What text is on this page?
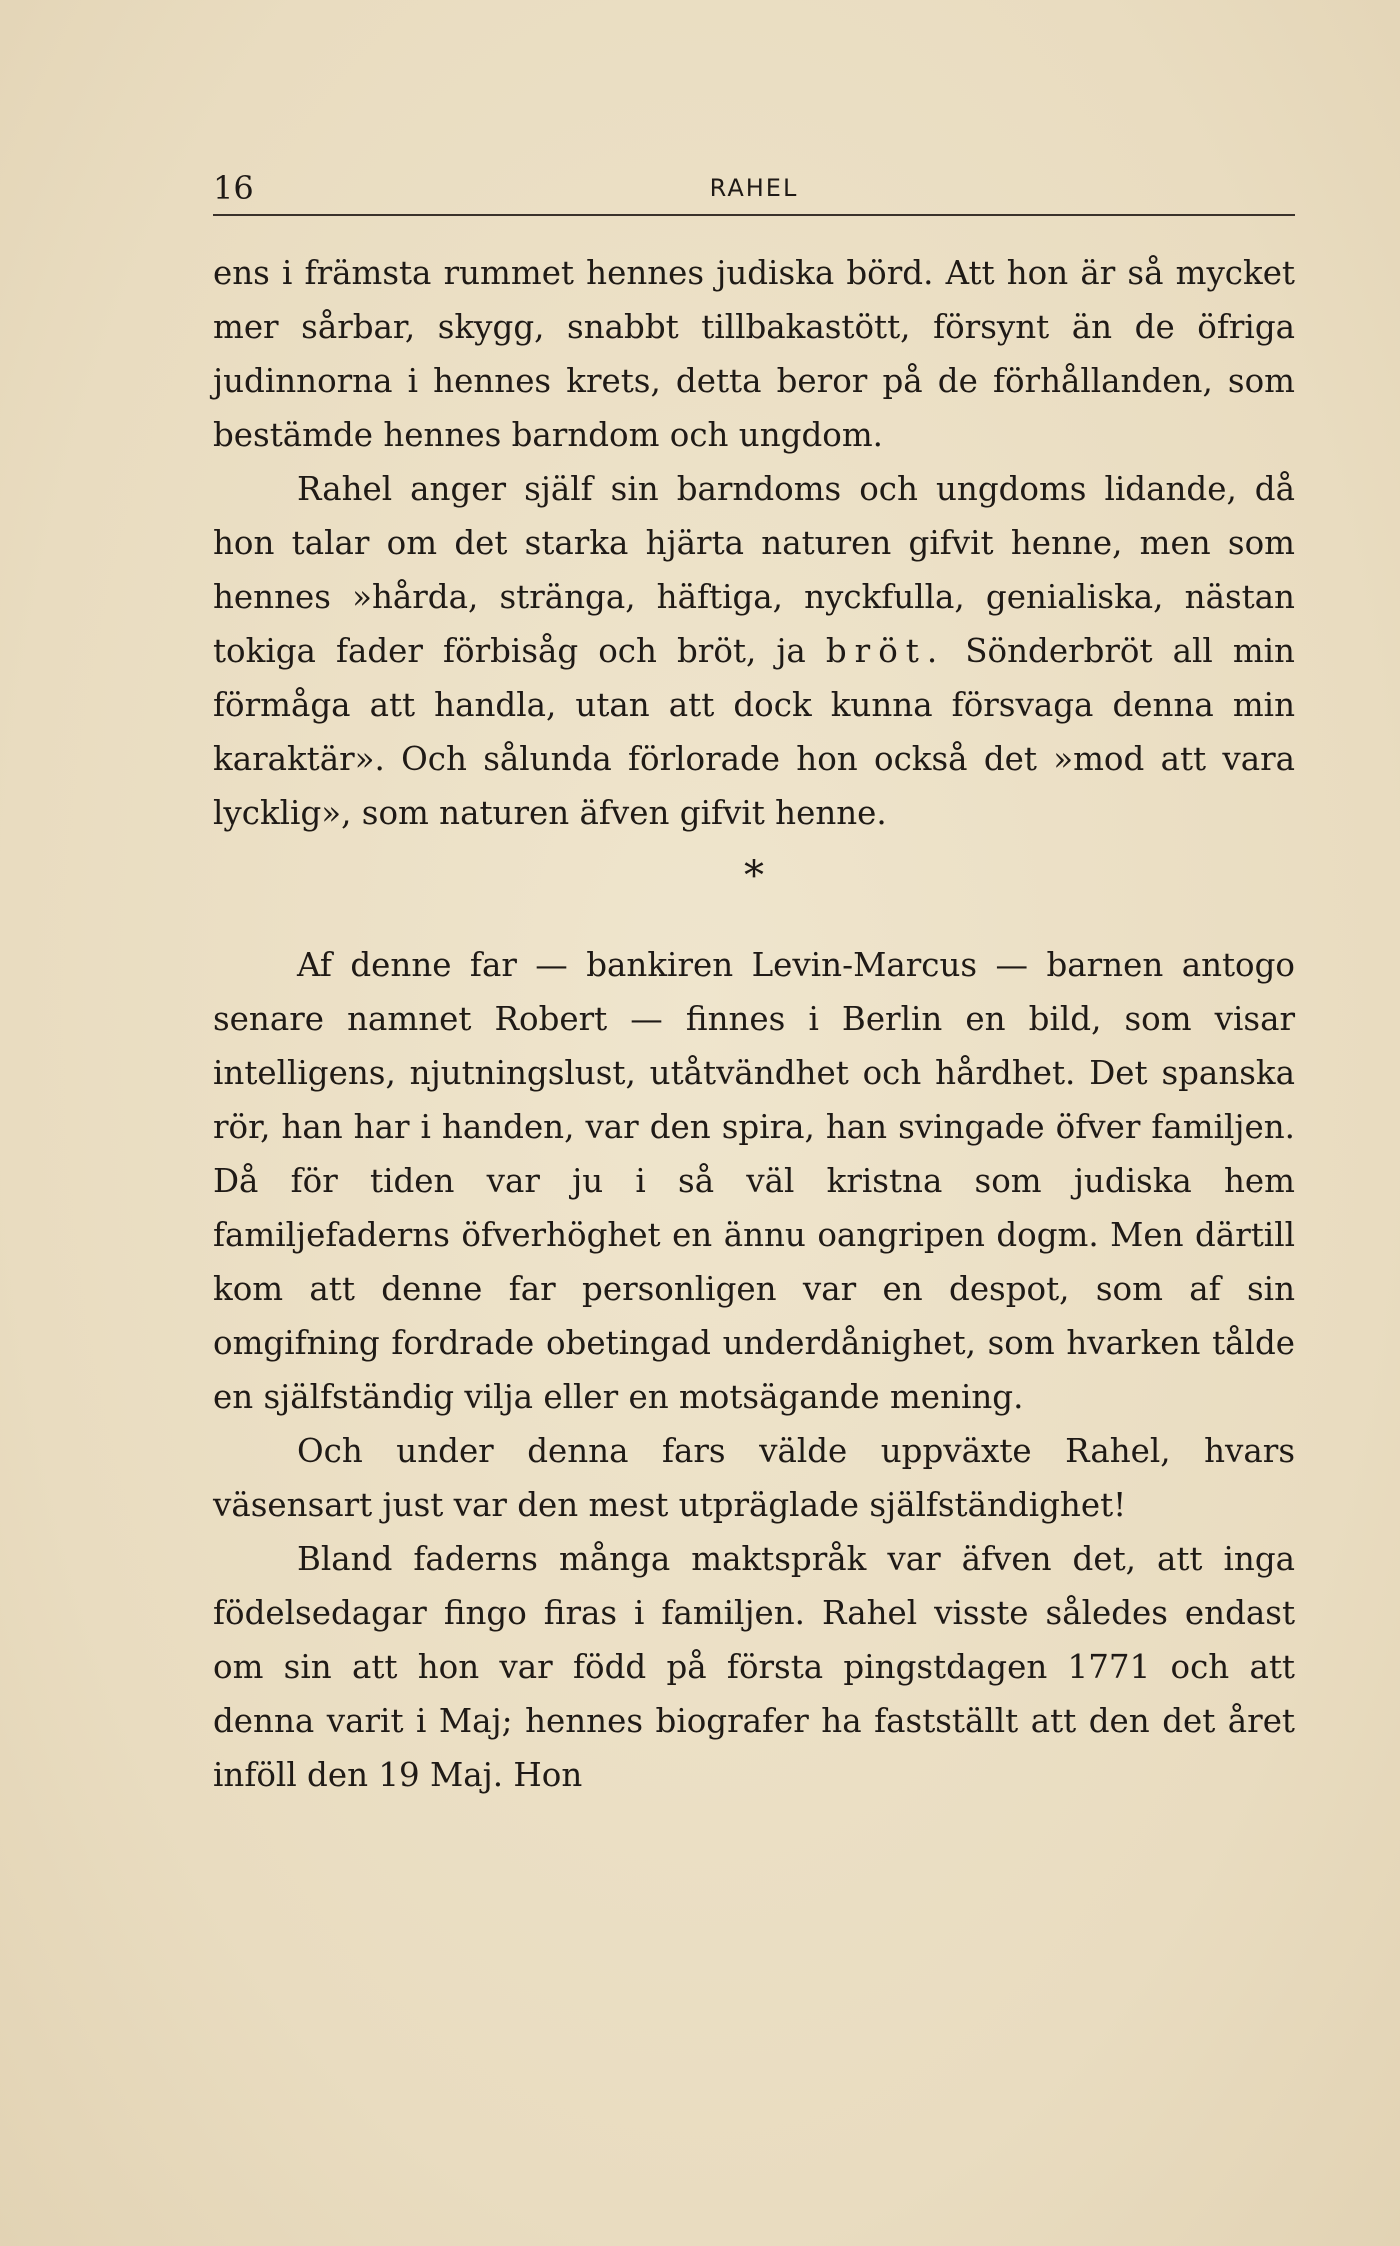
16	RAHEL

ens i främsta rummet hennes judiska börd. Att hon är så mycket mer sårbar, skygg, snabbt tillbakastött, försynt än de öfriga judinnorna i hennes krets, detta beror på de förhållanden, som bestämde hennes barndom och ungdom.

Rahel anger själf sin barndoms och ungdoms lidande, då hon talar om det starka hjärta naturen gifvit henne, men som hennes »hårda, stränga, häftiga, nyckfulla, genialiska, nästan tokiga fader förbisåg och bröt, ja bröt. Sönderbröt all min förmåga att handla, utan att dock kunna försvaga denna min karaktär». Och sålunda förlorade hon också det »mod att vara lycklig», som naturen äfven gifvit henne.

*

Af denne far — bankiren Levin-Marcus — barnen antogo senare namnet Robert — finnes i Berlin en bild, som visar intelligens, njutningslust, utåtvändhet och hårdhet. Det spanska rör, han har i handen, var den spira, han svingade öfver familjen. Då för tiden var ju i så väl kristna som judiska hem familjefaderns öfverhöghet en ännu oangripen dogm. Men därtill kom att denne far personligen var en despot, som af sin omgifning fordrade obetingad underdånighet, som hvarken tålde en själfständig vilja eller en motsägande mening.

Och under denna fars välde uppväxte Rahel, hvars väsensart just var den mest utpräglade själfständighet!

Bland faderns många maktspråk var äfven det, att inga födelsedagar fingo firas i familjen. Rahel visste således endast om sin att hon var född på första pingstdagen 1771 och att denna varit i Maj; hennes biografer ha fastställt att den det året inföll den 19 Maj. Hon
